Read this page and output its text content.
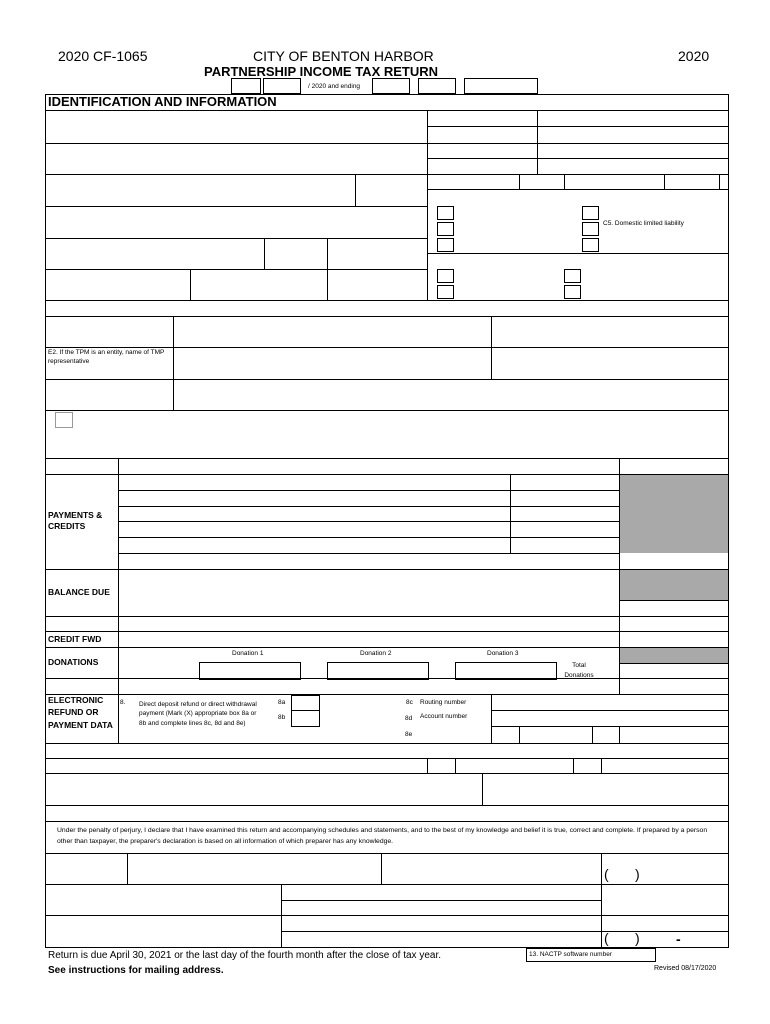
2020 CF-1065	CITY OF BENTON HARBOR
PARTNERSHIP INCOME TAX RETURN
2020
/ 2020 and ending
IDENTIFICATION AND INFORMATION
C5. Domestic limited liability
E2. If the TPM is an entity, name of TMP representative
PAYMENTS & CREDITS
BALANCE DUE
CREDIT FWD
DONATIONS
Donation 1	Donation 2	Donation 3
Total Donations
ELECTRONIC REFUND OR PAYMENT DATA
8. Direct deposit refund or direct withdrawal payment (Mark (X) appropriate box 8a or 8b and complete lines 8c, 8d and 8e)
8a
8b
8c Routing number
8d Account number
8e
Under the penalty of perjury, I declare that I have examined this return and accompanying schedules and statements, and to the best of my knowledge and belief it is true, correct and complete. If prepared by a person other than taxpayer, the preparer's declaration is based on all information of which preparer has any knowledge.
( )
( )	-
Return is due April 30, 2021 or the last day of the fourth month after the close of tax year.
See instructions for mailing address.
13. NACTP software number
Revised 08/17/2020
